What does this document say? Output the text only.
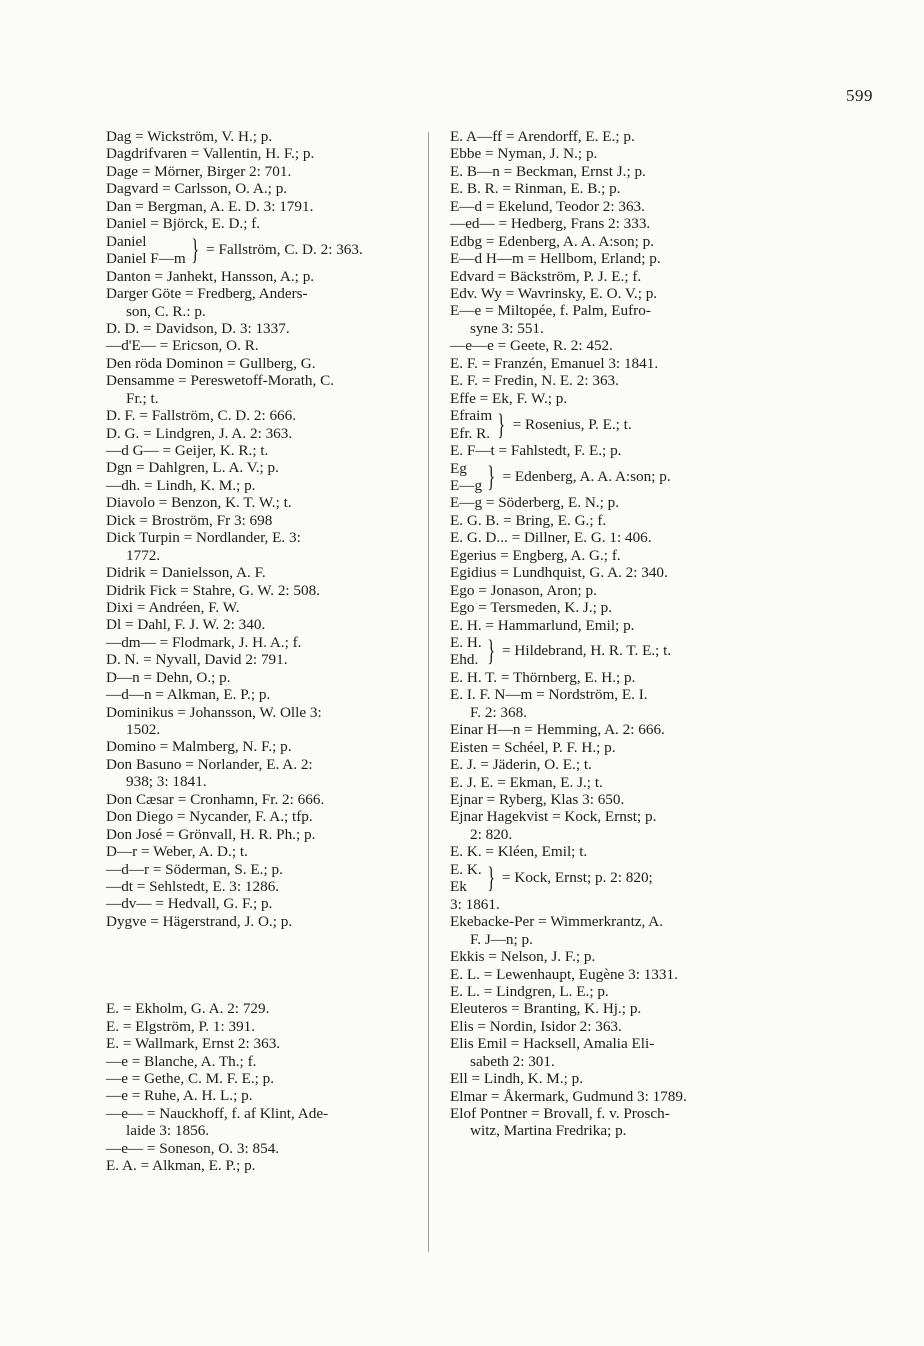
599
Dag = Wickström, V. H.; p.
Dagdrifvaren = Vallentin, H. F.; p.
Dage = Mörner, Birger 2: 701.
Dagvard = Carlsson, O. A.; p.
Dan = Bergman, A. E. D. 3: 1791.
Daniel = Björck, E. D.; f.
Daniel
Daniel F—m } = Fallström, C. D. 2: 363.
Danton = Janhekt, Hansson, A.; p.
Darger Göte = Fredberg, Anders-
son, C. R.: p.
D. D. = Davidson, D. 3: 1337.
—d'E— = Ericson, O. R.
Den röda Dominon = Gullberg, G.
Densamme = Pereswetoff-Morath, C.
Fr.; t.
D. F. = Fallström, C. D. 2: 666.
D. G. = Lindgren, J. A. 2: 363.
—d G— = Geijer, K. R.; t.
Dgn = Dahlgren, L. A. V.; p.
—dh. = Lindh, K. M.; p.
Diavolo = Benzon, K. T. W.; t.
Dick = Broström, Fr 3: 698
Dick Turpin = Nordlander, E. 3:
1772.
Didrik = Danielsson, A. F.
Didrik Fick = Stahre, G. W. 2: 508.
Dixi = Andréen, F. W.
Dl = Dahl, F. J. W. 2: 340.
—dm— = Flodmark, J. H. A.; f.
D. N. = Nyvall, David 2: 791.
D—n = Dehn, O.; p.
—d—n = Alkman, E. P.; p.
Dominikus = Johansson, W. Olle 3:
1502.
Domino = Malmberg, N. F.; p.
Don Basuno = Norlander, E. A. 2:
938; 3: 1841.
Don Cæsar = Cronhamn, Fr. 2: 666.
Don Diego = Nycander, F. A.; tfp.
Don José = Grönvall, H. R. Ph.; p.
D—r = Weber, A. D.; t.
—d—r = Söderman, S. E.; p.
—dt = Sehlstedt, E. 3: 1286.
—dv— = Hedvall, G. F.; p.
Dygve = Hägerstrand, J. O.; p.
E. = Ekholm, G. A. 2: 729.
E. = Elgström, P. 1: 391.
E. = Wallmark, Ernst 2: 363.
—e = Blanche, A. Th.; f.
—e = Gethe, C. M. F. E.; p.
—e = Ruhe, A. H. L.; p.
—e— = Nauckhoff, f. af Klint, Ade-
laide 3: 1856.
—e— = Soneson, O. 3: 854.
E. A. = Alkman, E. P.; p.
E. A—ff = Arendorff, E. E.; p.
Ebbe = Nyman, J. N.; p.
E. B—n = Beckman, Ernst J.; p.
E. B. R. = Rinman, E. B.; p.
E—d = Ekelund, Teodor 2: 363.
—ed— = Hedberg, Frans 2: 333.
Edbg = Edenberg, A. A. A:son; p.
E—d H—m = Hellbom, Erland; p.
Edvard = Bäckström, P. J. E.; f.
Edv. Wy = Wavrinsky, E. O. V.; p.
E—e = Miltopée, f. Palm, Eufro-
syne 3: 551.
—e—e = Geete, R. 2: 452.
E. F. = Franzén, Emanuel 3: 1841.
E. F. = Fredin, N. E. 2: 363.
Effe = Ek, F. W.; p.
Efraim
Efr. R. } = Rosenius, P. E.; t.
E. F—t = Fahlstedt, F. E.; p.
Eg
E—g } = Edenberg, A. A. A:son; p.
E—g = Söderberg, E. N.; p.
E. G. B. = Bring, E. G.; f.
E. G. D... = Dillner, E. G. 1: 406.
Egerius = Engberg, A. G.; f.
Egidius = Lundhquist, G. A. 2: 340.
Ego = Jonason, Aron; p.
Ego = Tersmeden, K. J.; p.
E. H. = Hammarlund, Emil; p.
E. H.
Ehd. } = Hildebrand, H. R. T. E.; t.
E. H. T. = Thörnberg, E. H.; p.
E. I. F. N—m = Nordström, E. I.
F. 2: 368.
Einar H—n = Hemming, A. 2: 666.
Eisten = Schéel, P. F. H.; p.
E. J. = Jäderin, O. E.; t.
E. J. E. = Ekman, E. J.; t.
Ejnar = Ryberg, Klas 3: 650.
Ejnar Hagekvist = Kock, Ernst; p.
2: 820.
E. K. = Kléen, Emil; t.
E. K.
Ek } = Kock, Ernst; p. 2: 820;
3: 1861.
Ekebacke-Per = Wimmerkrantz, A.
F. J—n; p.
Ekkis = Nelson, J. F.; p.
E. L. = Lewenhaupt, Eugène 3: 1331.
E. L. = Lindgren, L. E.; p.
Eleuteros = Branting, K. Hj.; p.
Elis = Nordin, Isidor 2: 363.
Elis Emil = Hacksell, Amalia Eli-
sabeth 2: 301.
Ell = Lindh, K. M.; p.
Elmar = Åkermark, Gudmund 3: 1789.
Elof Pontner = Brovall, f. v. Prosch-
witz, Martina Fredrika; p.
